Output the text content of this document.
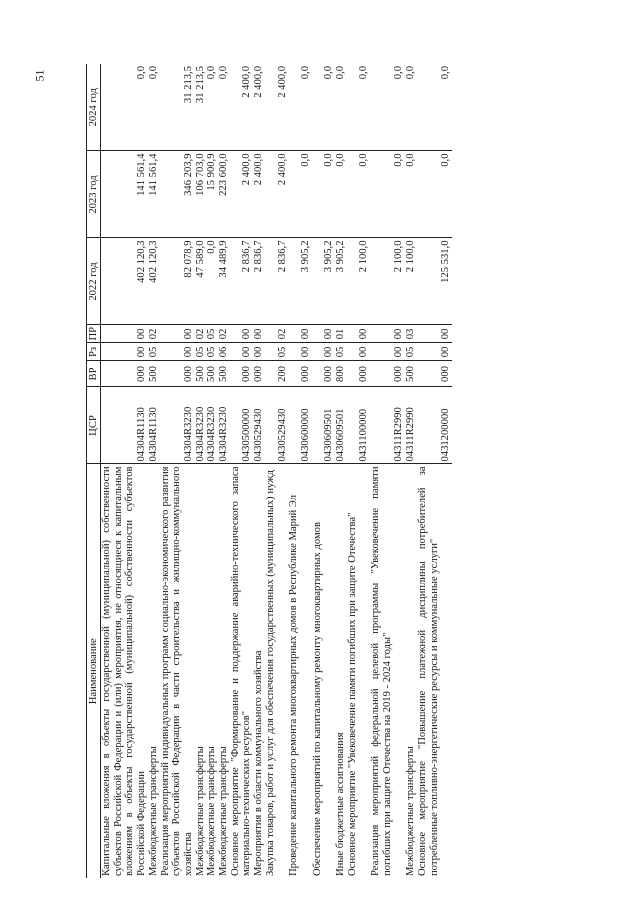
51
Наименование	ЦСР	ВР	Рз	ПР	2022 год	2023 год	2024 год
Капитальные вложения в объекты государственной (муниципальной) собственности субъектов Российской Федерации и (или) мероприятия, не относящиеся к капитальным вложениям в объекты государственной (муниципальной) собственности субъектов Российской Федерации	04304R1130	000	00	00	402 120,3	141 561,4	0,0

Межбюджетные трансферты	04304R1130	500	05	02	402 120,3	141 561,4	0,0

Реализация мероприятий индивидуальных программ социально-экономического развития субъектов Российской Федерации в части строительства и жилищно-коммунального хозяйства	04304R3230	000	00	00	82 078,9	346 203,9	31 213,5

Межбюджетные трансферты	04304R3230	500	05	02	47 589,0	106 703,0	31 213,5

Межбюджетные трансферты	04304R3230	500	05	05	0,0	15 900,9	0,0

Межбюджетные трансферты	04304R3230	500	06	02	34 489,9	223 600,0	0,0

Основное мероприятие "Формирование и поддержание аварийно-технического запаса материально-технических ресурсов"	0430500000	000	00	00	2 836,7	2 400,0	2 400,0

Мероприятия в области коммунального хозяйства	0430529430	000	00	00	2 836,7	2 400,0	2 400,0

Закупка товаров, работ и услуг для обеспечения государственных (муниципальных) нужд	0430529430	200	05	02	2 836,7	2 400,0	2 400,0

Проведение капитального ремонта многоквартирных домов в Республике Марий Эл	0430600000	000	00	00	3 905,2	0,0	0,0

Обеспечение мероприятий по капитальному ремонту многоквартирных домов	0430609501	000	00	00	3 905,2	0,0	0,0

Иные бюджетные ассигнования	0430609501	800	05	01	3 905,2	0,0	0,0

Основное мероприятие "Увековечение памяти погибших при защите Отечества"	0431100000	000	00	00	2 100,0	0,0	0,0

Реализация мероприятий федеральной целевой программы "Увековечение памяти погибших при защите Отечества на 2019 - 2024 годы"	04311R2990	000	00	00	2 100,0	0,0	0,0

Межбюджетные трансферты	04311R2990	500	05	03	2 100,0	0,0	0,0

Основное мероприятие "Повышение платежной дисциплины потребителей за потребленные топливно-энергетические ресурсы и коммунальные услуги"	0431200000	000	00	00	125 531,0	0,0	0,0
